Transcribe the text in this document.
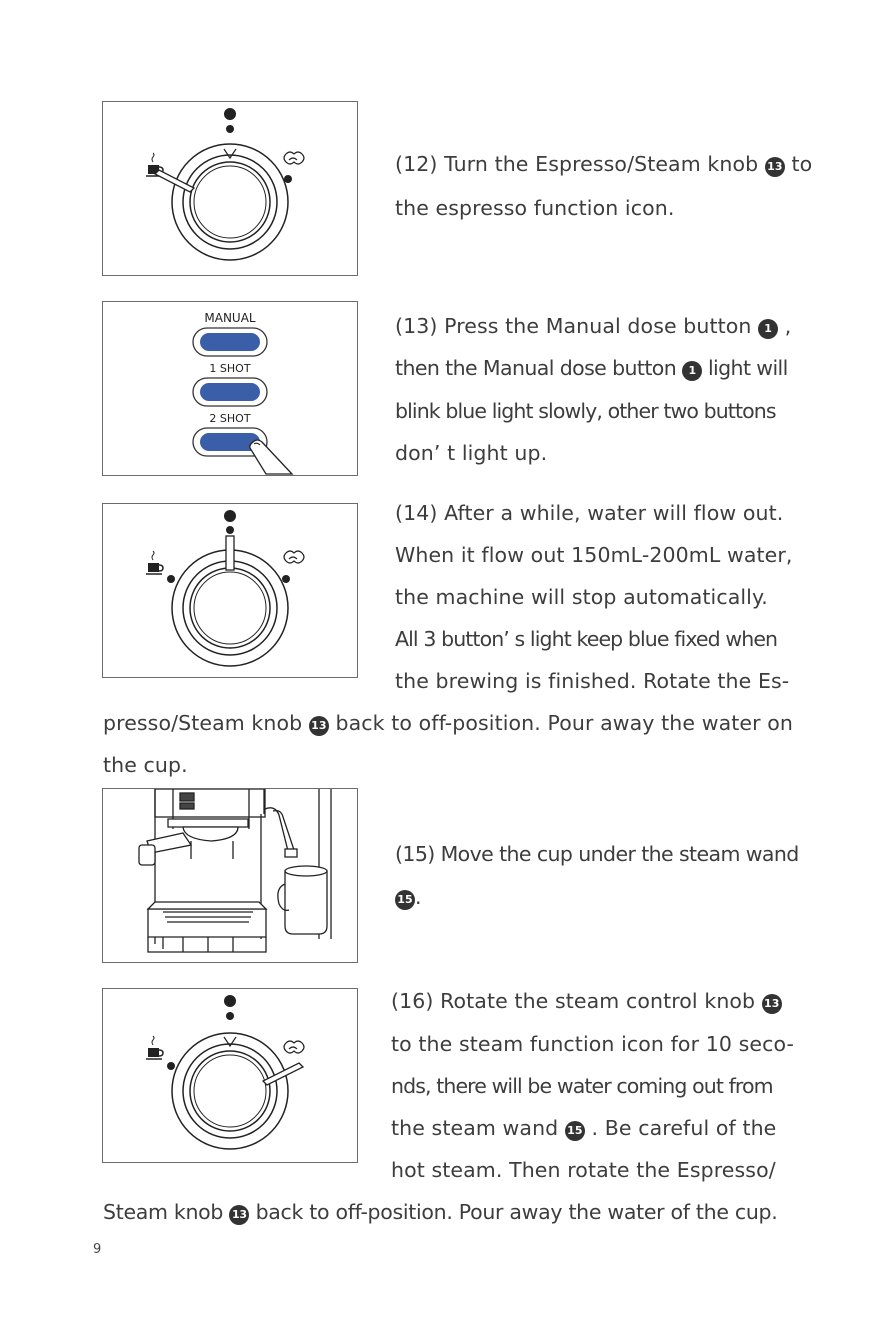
MANUAL
1 SHOT
2 SHOT
(12) Turn the Espresso/Steam knob 13 to
the espresso function icon.
(13) Press the Manual dose button 1 ,
then the Manual dose button 1 light will
blink blue light slowly, other two buttons
don’ t light up.
(14) After a while, water will flow out.
When it flow out 150mL-200mL water,
the machine will stop automatically.
All 3 button’ s light keep blue fixed when
the brewing is finished. Rotate the Es-
presso/Steam knob 13 back to off-position. Pour away the water on
the cup.
(15) Move the cup under the steam wand
15 .
(16) Rotate the steam control knob 13
to the steam function icon for 10 seco-
nds, there will be water coming out from
the steam wand 15 . Be careful of the
hot steam. Then rotate the Espresso/
Steam knob 13 back to off-position. Pour away the water of the cup.
9
